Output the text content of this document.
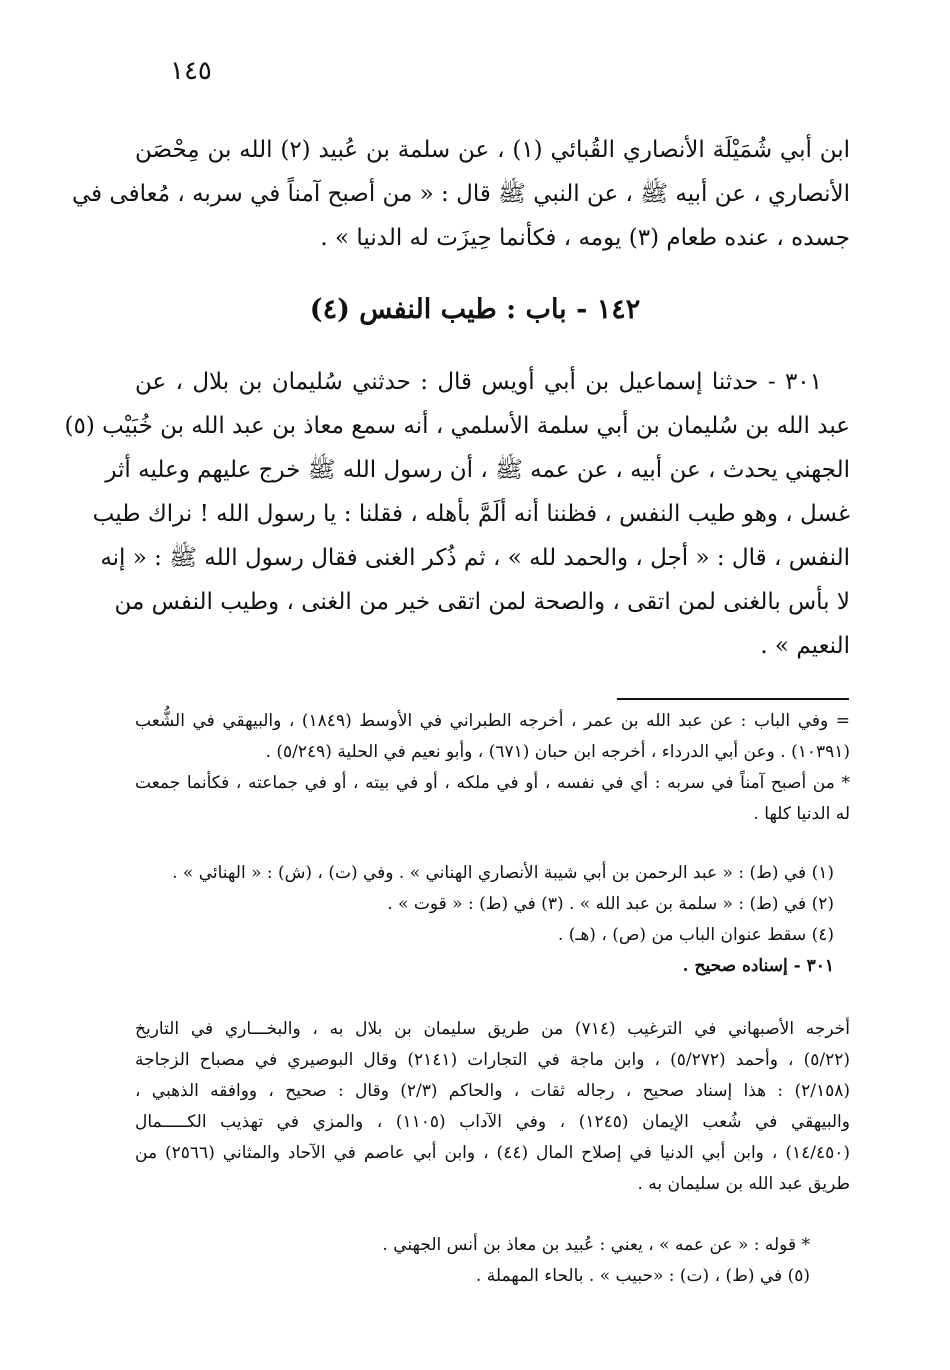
١٤٥
ابن أبي شُمَيْلَة الأنصاري القُبائي (١) ، عن سلمة بن عُبيد (٢) الله بن مِحْصَن
الأنصاري ، عن أبيه ﷺ ، عن النبي ﷺ قال : « من أصبح آمناً في سربه ، مُعافى في
جسده ، عنده طعام (٣) يومه ، فكأنما حِيزَت له الدنيا » .
١٤٢ - باب : طيب النفس (٤)
٣٠١ - حدثنا إسماعيل بن أبي أويس قال : حدثني سُليمان بن بلال ، عن
عبد الله بن سُليمان بن أبي سلمة الأسلمي ، أنه سمع معاذ بن عبد الله بن خُبَيْب (٥)
الجهني يحدث ، عن أبيه ، عن عمه ﷺ ، أن رسول الله ﷺ خرج عليهم وعليه أثر
غسل ، وهو طيب النفس ، فظننا أنه ألَمَّ بأهله ، فقلنا : يا رسول الله ! نراك طيب
النفس ، قال : « أجل ، والحمد لله » ، ثم ذُكر الغنى فقال رسول الله ﷺ : « إنه
لا بأس بالغنى لمن اتقى ، والصحة لمن اتقى خير من الغنى ، وطيب النفس من
النعيم » .
= وفي الباب : عن عبد الله بن عمر ، أخرجه الطبراني في الأوسط (١٨٤٩) ، والبيهقي في الشُّعب
(١٠٣٩١) . وعن أبي الدرداء ، أخرجه ابن حبان (٦٧١) ، وأبو نعيم في الحلية (٥/٢٤٩) .
* من أصبح آمناً في سربه : أي في نفسه ، أو في ملكه ، أو في بيته ، أو في جماعته ، فكأنما جمعت
له الدنيا كلها .
(١) في (ط) : « عبد الرحمن بن أبي شيبة الأنصاري الهناني » . وفي (ت) ، (ش) : « الهنائي » .
(٢) في (ط) : « سلمة بن عبد الله » . (٣) في (ط) : « قوت » .
(٤) سقط عنوان الباب من (ص) ، (هـ) .
٣٠١ - إسناده صحيح .
أخرجه الأصبهاني في الترغيب (٧١٤) من طريق سليمان بن بلال به ، والبخـــاري في التاريخ
(٥/٢٢) ، وأحمد (٥/٢٧٢) ، وابن ماجة في التجارات (٢١٤١) وقال البوصيري في مصباح الزجاجة
(٢/١٥٨) : هذا إسناد صحيح ، رجاله ثقات ، والحاكم (٢/٣) وقال : صحيح ، ووافقه الذهبي ،
والبيهقي في شُعب الإيمان (١٢٤٥) ، وفي الآداب (١١٠٥) ، والمزي في تهذيب الكـــــمال
(١٤/٤٥٠) ، وابن أبي الدنيا في إصلاح المال (٤٤) ، وابن أبي عاصم في الآحاد والمثاني (٢٥٦٦) من
طريق عبد الله بن سليمان به .
* قوله : « عن عمه » ، يعني : عُبيد بن معاذ بن أنس الجهني .
(٥) في (ط) ، (ت) : «حبيب » . بالحاء المهملة .
